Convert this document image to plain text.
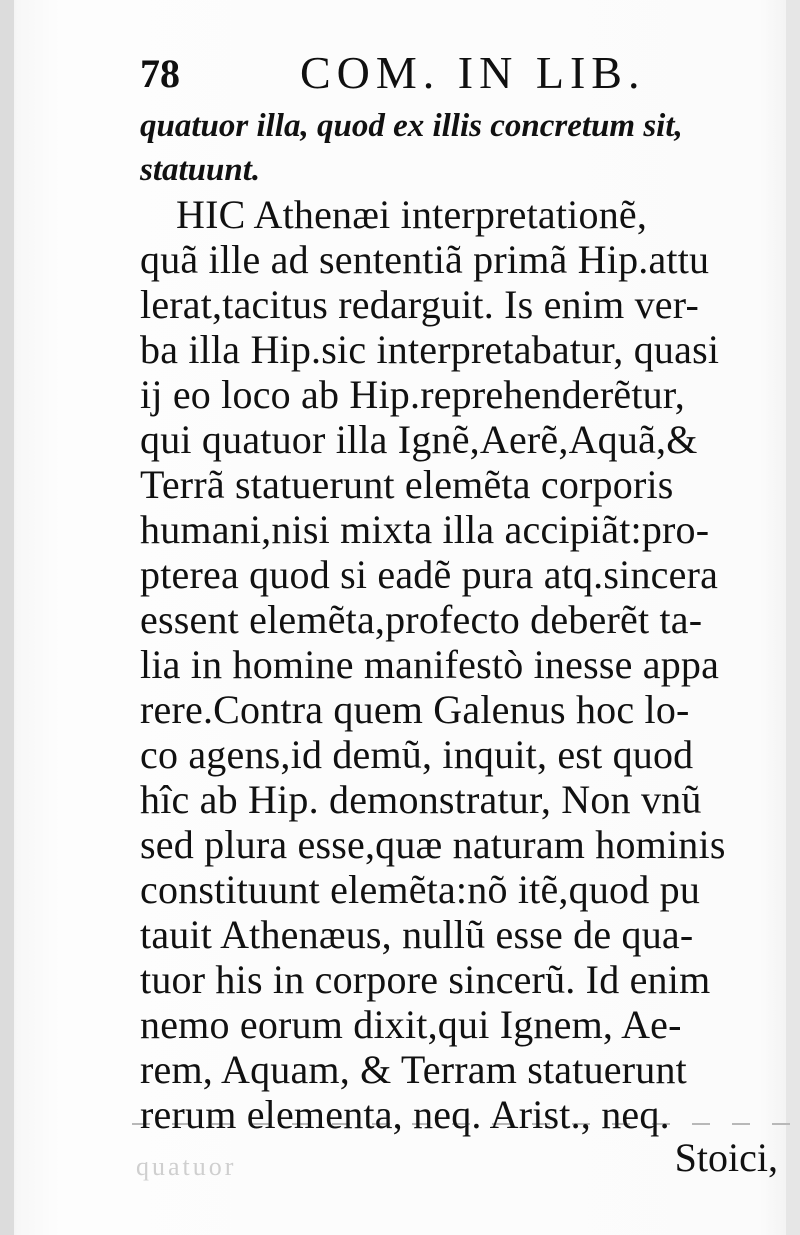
78	COM. IN LIB.
quatuor illa, quod ex illis concretum sit,
statuunt.
HIC Athenæi interpretationẽ,
quã ille ad sententiã primã Hip.attu
lerat,tacitus redarguit. Is enim ver-
ba illa Hip.sic interpretabatur, quasi
ij eo loco ab Hip.reprehenderẽtur,
qui quatuor illa Ignẽ,Aerẽ,Aquã,&
Terrã statuerunt elemẽta corporis
humani,nisi mixta illa accipiãt:pro-
pterea quod si eadẽ pura atq.sincera
essent elemẽta,profecto deberẽt ta-
lia in homine manifestò inesse appa
rere.Contra quem Galenus hoc lo-
co agens,id demũ, inquit, est quod
hîc ab Hip. demonstratur, Non vnũ
sed plura esse,quæ naturam hominis
constituunt elemẽta:nõ itẽ,quod pu
tauit Athenæus, nullũ esse de qua-
tuor his in corpore sincerũ. Id enim
nemo eorum dixit,qui Ignem, Ae-
rem, Aquam, & Terram statuerunt
rerum elementa, neq. Arist., neq.
Stoici,
quatuor
